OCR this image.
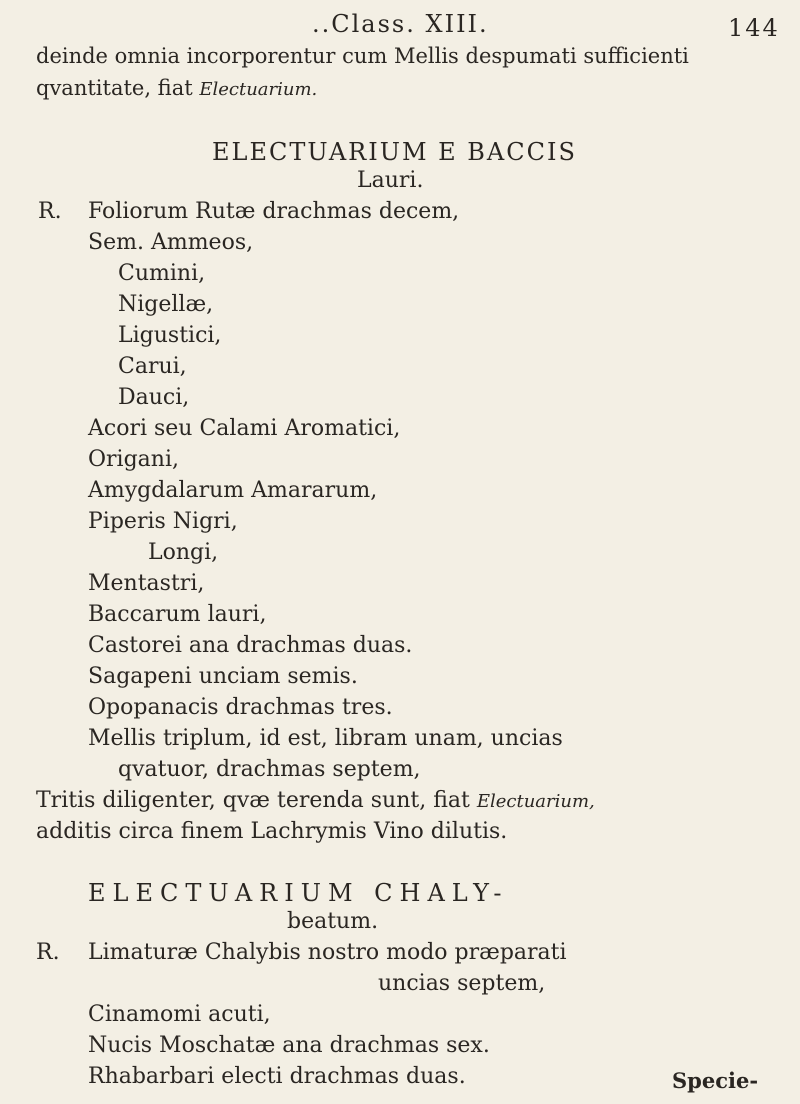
..Class. XIII.	144
deinde omnia incorporentur cum Mellis despumati sufficienti
qvantitate, fiat Electuarium.
ELECTUARIUM E BACCIS
Lauri.
R. Foliorum Rutæ drachmas decem,
Sem. Ammeos,
Cumini,
Nigellæ,
Ligustici,
Carui,
Dauci,
Acori seu Calami Aromatici,
Origani,
Amygdalarum Amararum,
Piperis Nigri,
Longi,
Mentastri,
Baccarum lauri,
Castorei ana drachmas duas.
Sagapeni unciam semis.
Opopanacis drachmas tres.
Mellis triplum, id est, libram unam, uncias
qvatuor, drachmas septem,
Tritis diligenter, qvæ terenda sunt, fiat Electuarium,
additis circa finem Lachrymis Vino dilutis.
ELECTUARIUM CHALY-
beatum.
R. Limaturæ Chalybis nostro modo præparati
uncias septem,
Cinamomi acuti,
Nucis Moschatæ ana drachmas sex.
Rhabarbari electi drachmas duas.	Specie-
